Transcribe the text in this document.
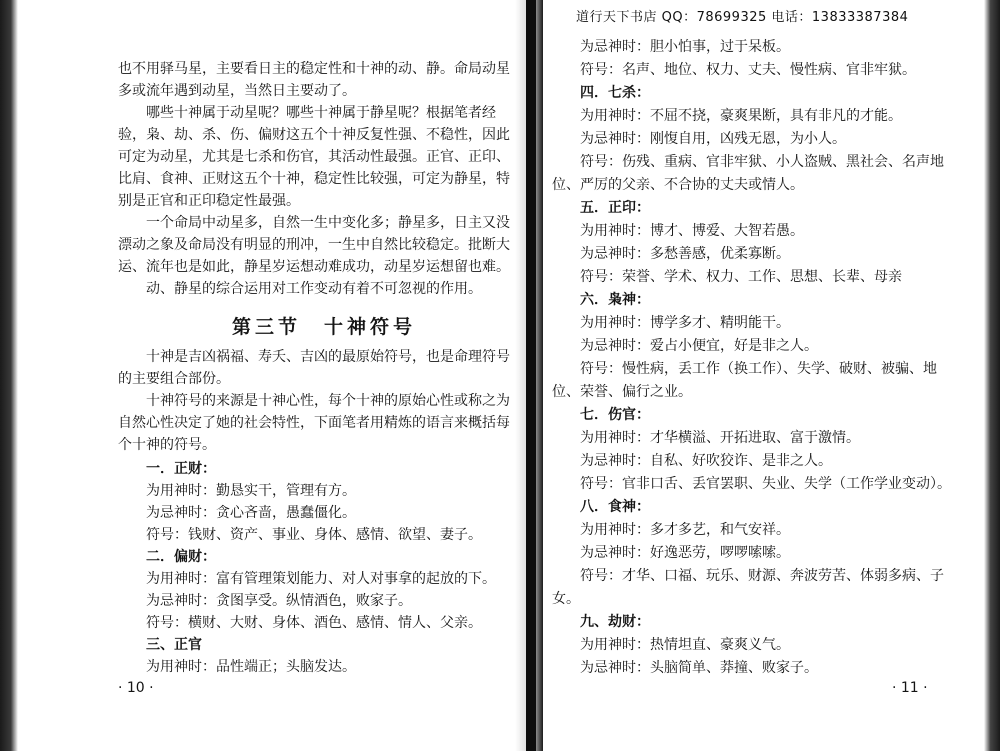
也不用驿马星，主要看日主的稳定性和十神的动、静。命局动星
多或流年遇到动星，当然日主要动了。
哪些十神属于动星呢？哪些十神属于静星呢？根据笔者经
验，枭、劫、杀、伤、偏财这五个十神反复性强、不稳性，因此
可定为动星，尤其是七杀和伤官，其活动性最强。正官、正印、
比肩、食神、正财这五个十神，稳定性比较强，可定为静星，特
别是正官和正印稳定性最强。
一个命局中动星多，自然一生中变化多；静星多，日主又没
漂动之象及命局没有明显的刑冲，一生中自然比较稳定。批断大
运、流年也是如此，静星岁运想动难成功，动星岁运想留也难。
动、静星的综合运用对工作变动有着不可忽视的作用。
第三节　十神符号
十神是吉凶祸福、寿夭、吉凶的最原始符号，也是命理符号
的主要组合部份。
十神符号的来源是十神心性，每个十神的原始心性或称之为
自然心性决定了她的社会特性，下面笔者用精炼的语言来概括每
个十神的符号。
一．正财：
为用神时：勤恳实干，管理有方。
为忌神时：贪心吝啬，愚蠢僵化。
符号：钱财、资产、事业、身体、感情、欲望、妻子。
二．偏财：
为用神时：富有管理策划能力、对人对事拿的起放的下。
为忌神时：贪图享受。纵情酒色，败家子。
符号：横财、大财、身体、酒色、感情、情人、父亲。
三、正官
为用神时：品性端正；头脑发达。
· 10 ·
道行天下书店 QQ：78699325 电话：13833387384
为忌神时：胆小怕事，过于呆板。
符号：名声、地位、权力、丈夫、慢性病、官非牢狱。
四．七杀：
为用神时：不屈不挠，豪爽果断，具有非凡的才能。
为忌神时：刚愎自用，凶残无恩，为小人。
符号：伤残、重病、官非牢狱、小人盗贼、黑社会、名声地
位、严厉的父亲、不合协的丈夫或情人。
五．正印：
为用神时：博才、博爱、大智若愚。
为忌神时：多愁善感，优柔寡断。
符号：荣誉、学术、权力、工作、思想、长辈、母亲
六．枭神：
为用神时：博学多才、精明能干。
为忌神时：爱占小便宜，好是非之人。
符号：慢性病，丢工作（换工作）、失学、破财、被骗、地
位、荣誉、偏行之业。
七．伤官：
为用神时：才华横溢、开拓进取、富于激情。
为忌神时：自私、好吹狡诈、是非之人。
符号：官非口舌、丢官罢职、失业、失学（工作学业变动）。
八．食神：
为用神时：多才多艺，和气安祥。
为忌神时：好逸恶劳，啰啰嗦嗦。
符号：才华、口福、玩乐、财源、奔波劳苦、体弱多病、子
女。
九、劫财：
为用神时：热情坦直、豪爽义气。
为忌神时：头脑简单、莽撞、败家子。
· 11 ·
